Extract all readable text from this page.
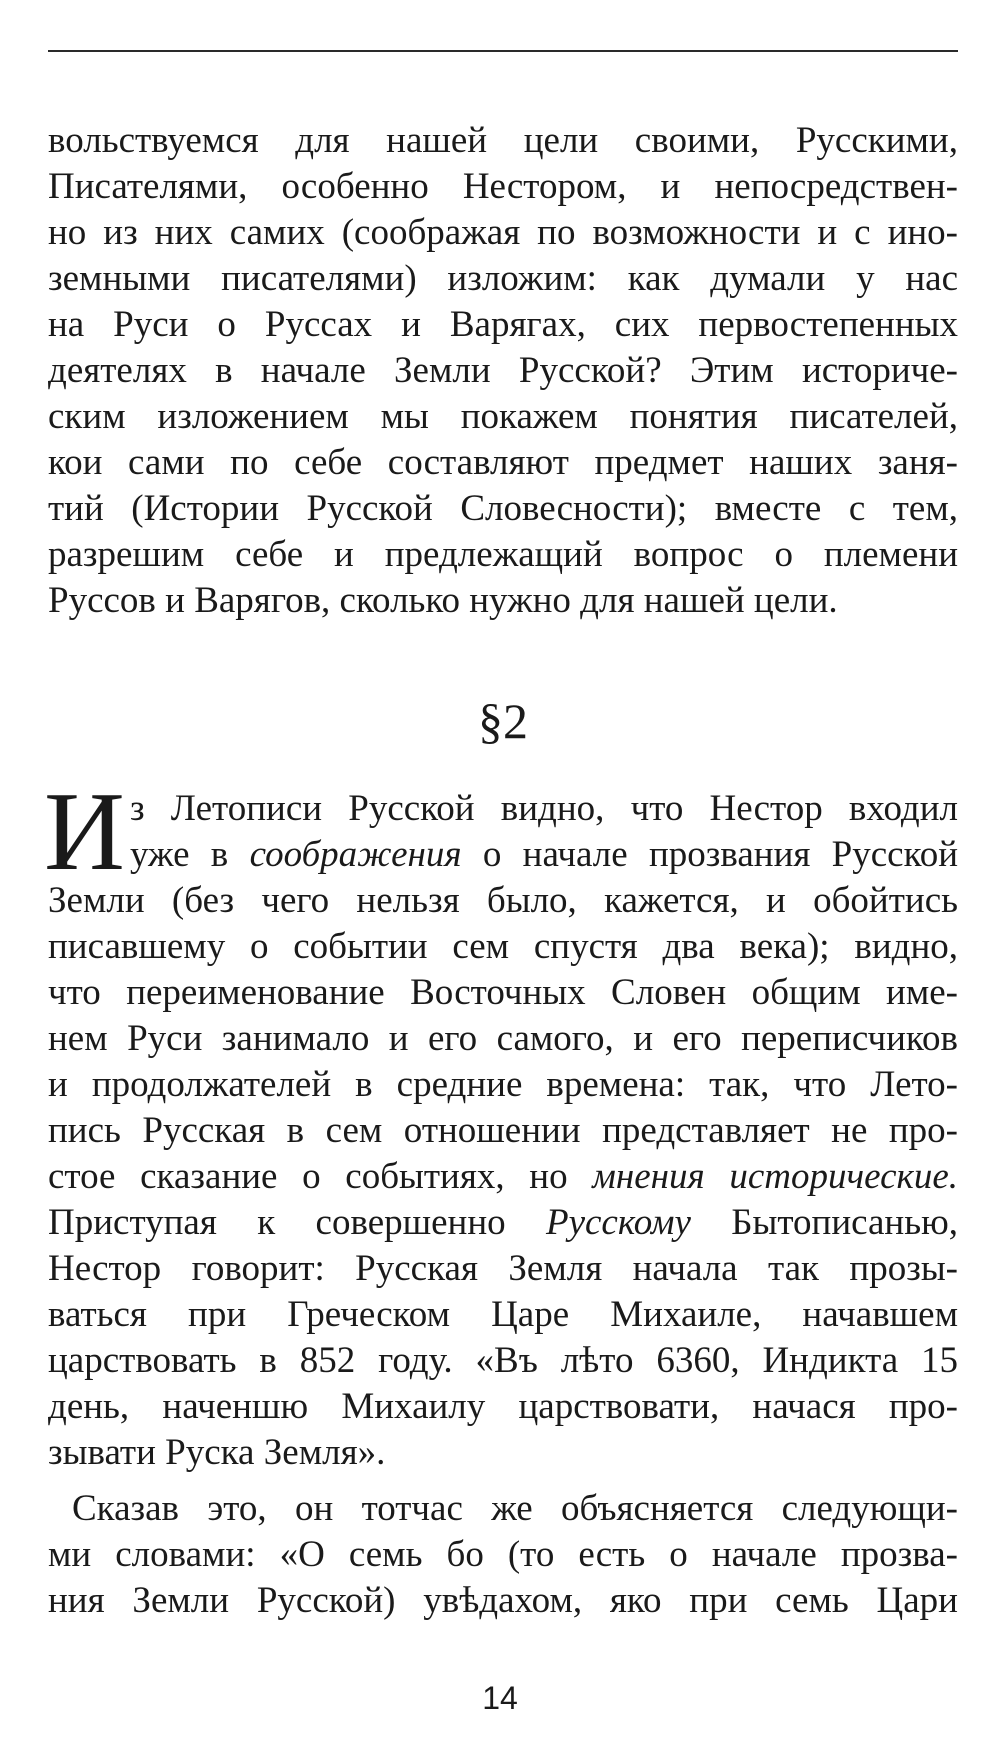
вольствуемся для нашей цели своими, Русскими,
Писателями, особенно Нестором, и непосредствен-
но из них самих (соображая по возможности и с ино-
земными писателями) изложим: как думали у нас
на Руси о Руссах и Варягах, сих первостепенных
деятелях в начале Земли Русской? Этим историче-
ским изложением мы покажем понятия писателей,
кои сами по себе составляют предмет наших заня-
тий (Истории Русской Словесности); вместе с тем,
разрешим себе и предлежащий вопрос о племени
Руссов и Варягов, сколько нужно для нашей цели.
§2
И з Летописи Русской видно, что Нестор входил
уже в соображения о начале прозвания Русской
Земли (без чего нельзя было, кажется, и обойтись
писавшему о событии сем спустя два века); видно,
что переименование Восточных Словен общим име-
нем Руси занимало и его самого, и его переписчиков
и продолжателей в средние времена: так, что Лето-
пись Русская в сем отношении представляет не про-
стое сказание о событиях, но мнения исторические.
Приступая к совершенно Русскому Бытописанью,
Нестор говорит: Русская Земля начала так прозы-
ваться при Греческом Царе Михаиле, начавшем
царствовать в 852 году. «Въ лѣто 6360, Индикта 15
день, наченшю Михаилу царствовати, начася про-
зывати Руска Земля».
Сказав это, он тотчас же объясняется следующи-
ми словами: «О семь бо (то есть о начале прозва-
ния Земли Русской) увѣдахом, яко при семь Цари
14
